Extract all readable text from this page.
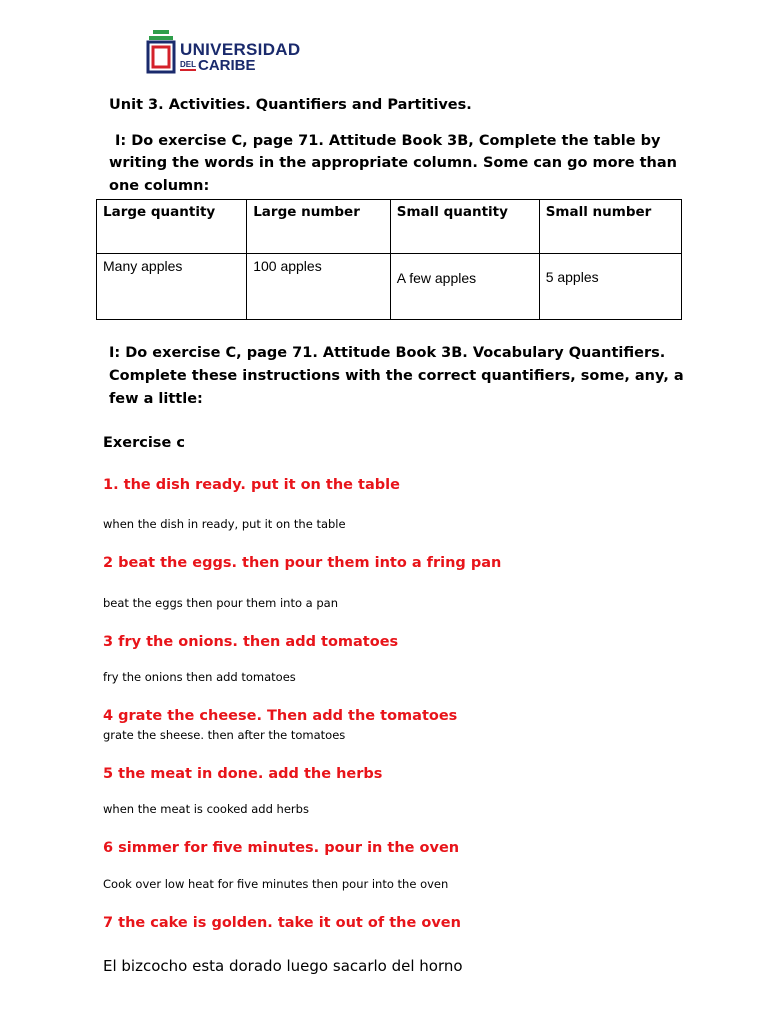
UNIVERSIDAD
DEL CARIBE
Unit 3. Activities. Quantifiers and Partitives.
I: Do exercise C, page 71. Attitude Book 3B, Complete the table by
writing the words in the appropriate column. Some can go more than
one column:
Large quantity	Large number	Small quantity	Small number
Many apples	100 apples	A few apples	5 apples
I: Do exercise C, page 71. Attitude Book 3B. Vocabulary Quantifiers.
Complete these instructions with the correct quantifiers, some, any, a
few a little:
Exercise c
1. the dish ready. put it on the table
when the dish in ready, put it on the table
2 beat the eggs. then pour them into a fring pan
beat the eggs then pour them into a pan
3 fry the onions. then add tomatoes
fry the onions then add tomatoes
4 grate the cheese. Then add the tomatoes
grate the sheese. then after the tomatoes
5 the meat in done. add the herbs
when the meat is cooked add herbs
6 simmer for five minutes. pour in the oven
Cook over low heat for five minutes then pour into the oven
7 the cake is golden. take it out of the oven
El bizcocho esta dorado luego sacarlo del horno
